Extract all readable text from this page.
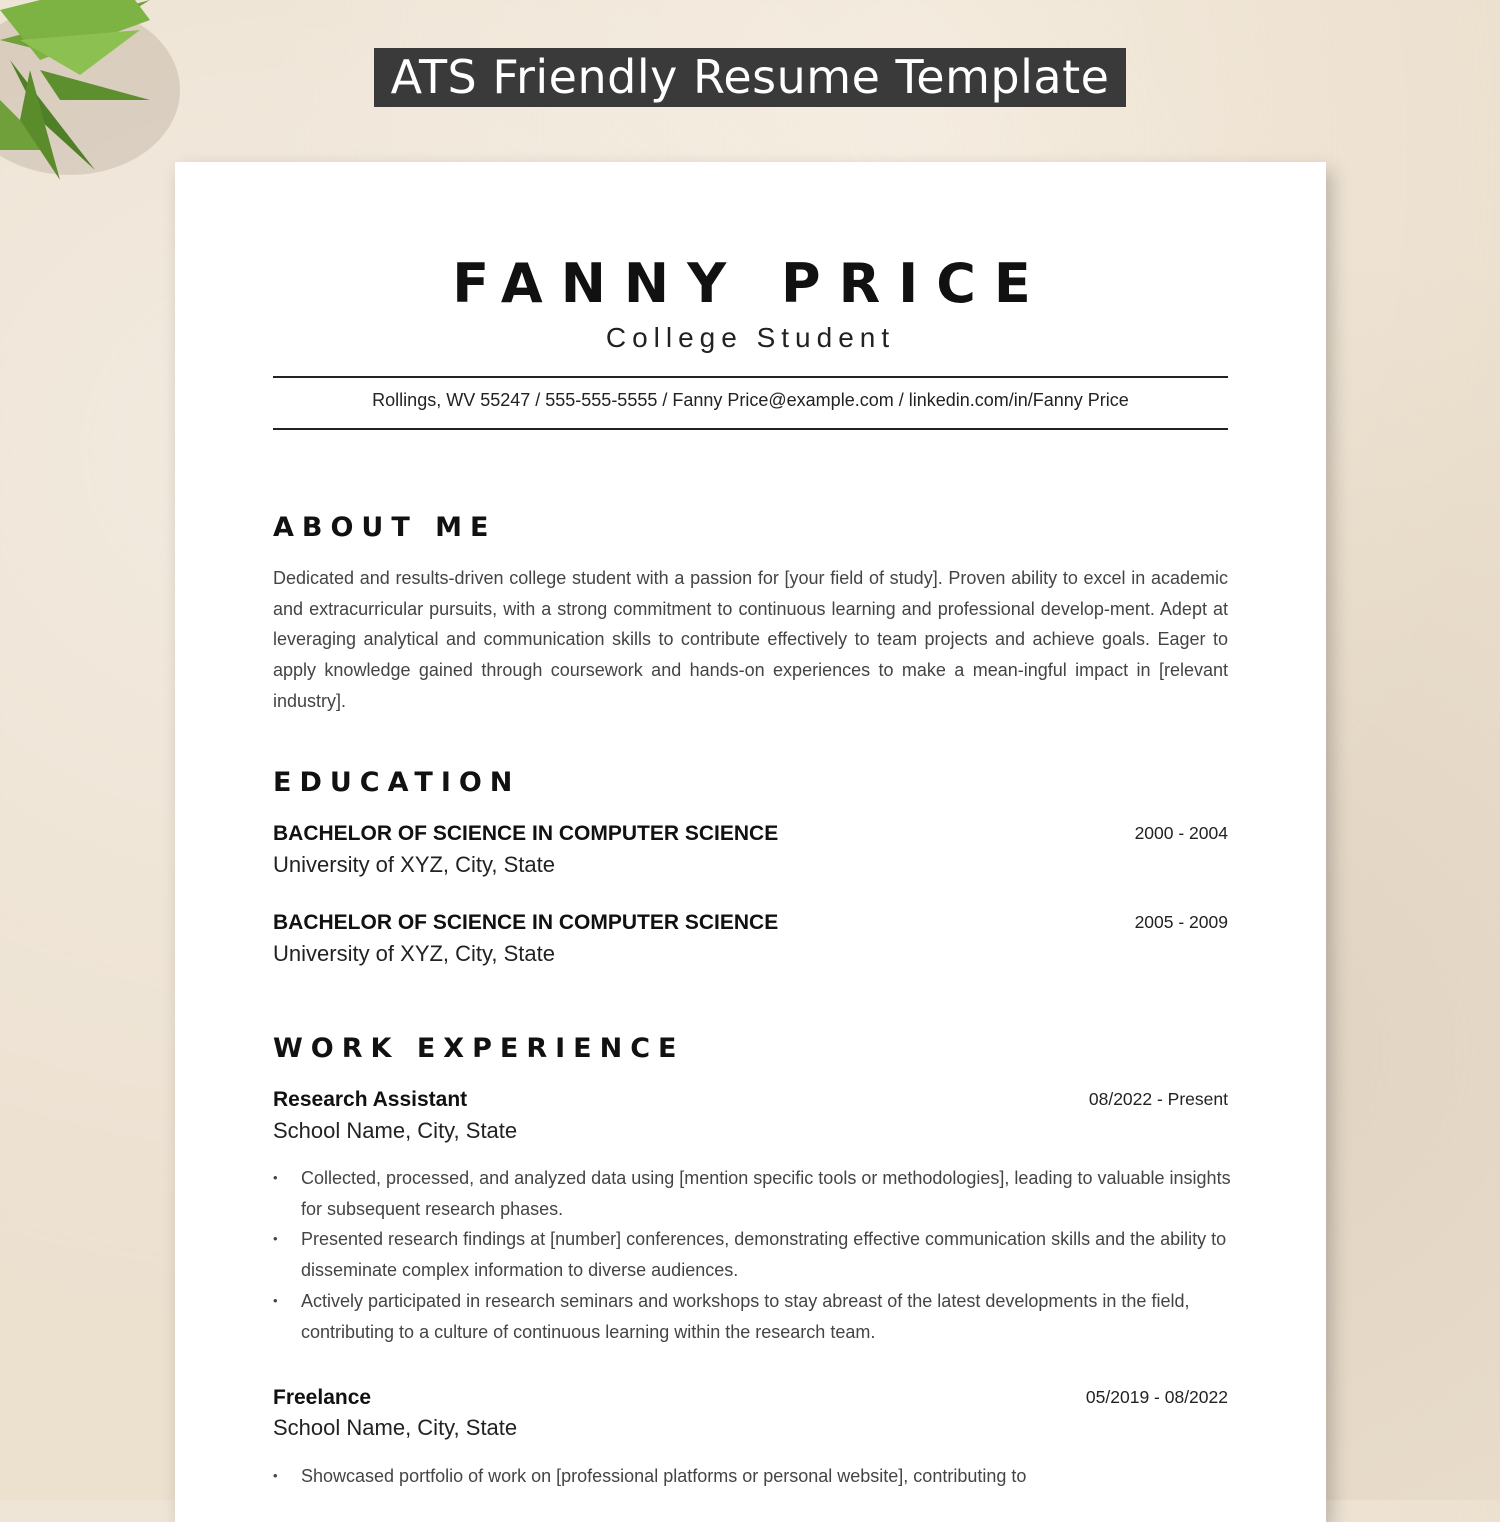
ATS Friendly Resume Template
FANNY PRICE
College Student
Rollings, WV 55247 / 555-555-5555 / Fanny Price@example.com / linkedin.com/in/Fanny Price
ABOUT ME

Dedicated and results-driven college student with a passion for [your field of study]. Proven ability to excel in academic and extracurricular pursuits, with a strong commitment to continuous learning and professional develop-ment. Adept at leveraging analytical and communication skills to contribute effectively to team projects and achieve goals. Eager to apply knowledge gained through coursework and hands-on experiences to make a mean-ingful impact in [relevant industry].

EDUCATION
BACHELOR OF SCIENCE IN COMPUTER SCIENCE	2000 - 2004
University of XYZ, City, State
BACHELOR OF SCIENCE IN COMPUTER SCIENCE	2005 - 2009
University of XYZ, City, State
WORK EXPERIENCE
Research Assistant	08/2022 - Present
School Name, City, State
• Collected, processed, and analyzed data using [mention specific tools or methodologies], leading to valuable insights for subsequent research phases.
• Presented research findings at [number] conferences, demonstrating effective communication skills and the ability to disseminate complex information to diverse audiences.
• Actively participated in research seminars and workshops to stay abreast of the latest developments in the field, contributing to a culture of continuous learning within the research team.
Freelance	05/2019 - 08/2022
School Name, City, State
• Showcased portfolio of work on [professional platforms or personal website], contributing to
